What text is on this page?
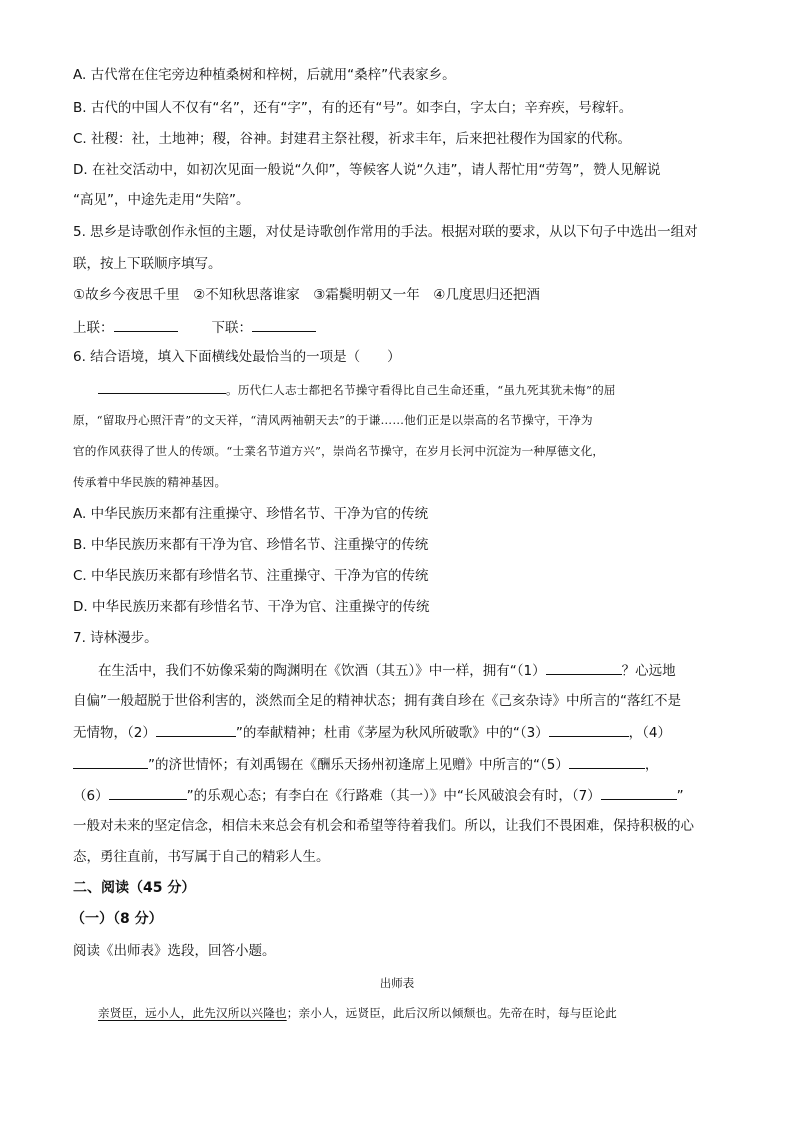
A. 古代常在住宅旁边种植桑树和梓树，后就用“桑梓”代表家乡。
B. 古代的中国人不仅有“名”，还有“字”，有的还有“号”。如李白，字太白；辛弃疾，号稼轩。
C. 社稷：社，土地神；稷，谷神。封建君主祭社稷，祈求丰年，后来把社稷作为国家的代称。
D. 在社交活动中，如初次见面一般说“久仰”，等候客人说“久违”，请人帮忙用“劳驾”，赞人见解说
“高见”，中途先走用“失陪”。
5. 思乡是诗歌创作永恒的主题，对仗是诗歌创作常用的手法。根据对联的要求，从以下句子中选出一组对
联，按上下联顺序填写。
①故乡今夜思千里　②不知秋思落谁家　③霜鬓明朝又一年　④几度思归还把酒
上联：	下联：
6. 结合语境，填入下面横线处最恰当的一项是（　　）
。历代仁人志士都把名节操守看得比自己生命还重，“虽九死其犹未悔”的屈
原，“留取丹心照汗青”的文天祥，“清风两袖朝天去”的于谦……他们正是以崇高的名节操守，干净为
官的作风获得了世人的传颂。“士業名节道方兴”，崇尚名节操守，在岁月长河中沉淀为一种厚德文化，
传承着中华民族的精神基因。
A. 中华民族历来都有注重操守、珍惜名节、干净为官的传统
B. 中华民族历来都有干净为官、珍惜名节、注重操守的传统
C. 中华民族历来都有珍惜名节、注重操守、干净为官的传统
D. 中华民族历来都有珍惜名节、干净为官、注重操守的传统
7. 诗林漫步。
在生活中，我们不妨像采菊的陶渊明在《饮酒（其五）》中一样，拥有“（1）	？心远地
自偏”一般超脱于世俗利害的，淡然而全足的精神状态；拥有龚自珍在《己亥杂诗》中所言的“落红不是
无情物，（2）	”的奉献精神；杜甫《茅屋为秋风所破歌》中的“（3）	，（4）
”的济世情怀；有刘禹锡在《酬乐天扬州初逢席上见赠》中所言的“（5）	，
（6）	”的乐观心态；有李白在《行路难（其一）》中“长风破浪会有时，（7）	”
一般对未来的坚定信念，相信未来总会有机会和希望等待着我们。所以，让我们不畏困难，保持积极的心
态，勇往直前，书写属于自己的精彩人生。
二、阅读（45 分）
（一）（8 分）
阅读《出师表》选段，回答小题。
出师表
亲贤臣，远小人，此先汉所以兴隆也；亲小人，远贤臣，此后汉所以倾颓也。先帝在时，每与臣论此
